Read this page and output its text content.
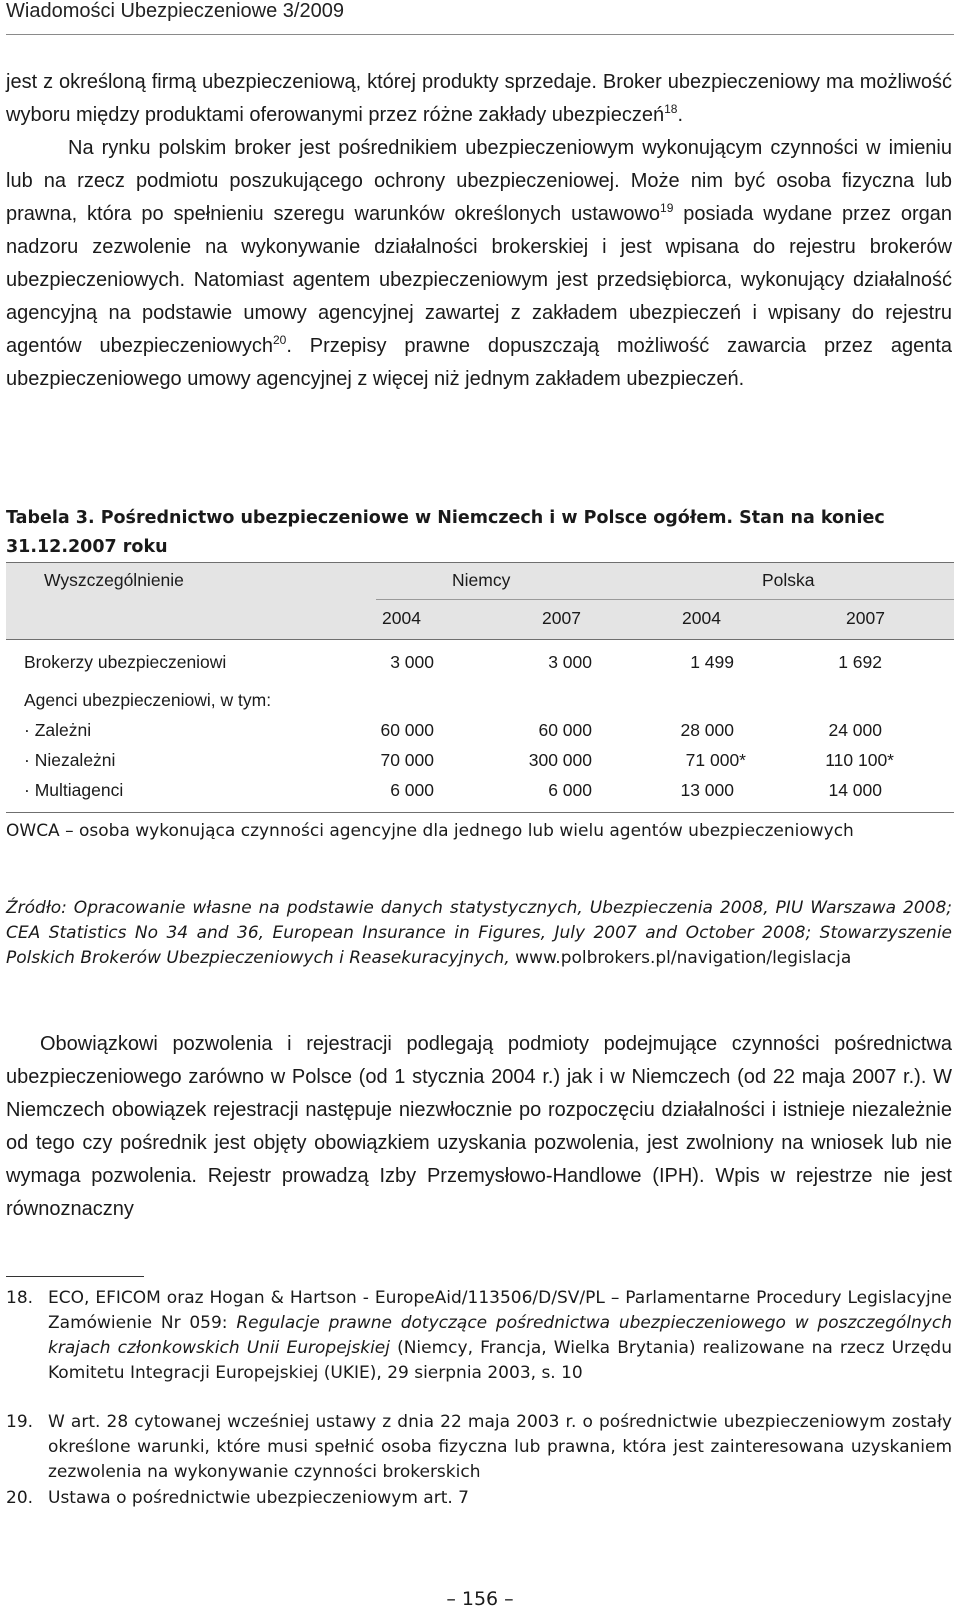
Wiadomości Ubezpieczeniowe 3/2009

jest z określoną firmą ubezpieczeniową, której produkty sprzedaje. Broker ubezpieczeniowy ma możliwość wyboru między produktami oferowanymi przez różne zakłady ubezpieczeń$^{18}$.

Na rynku polskim broker jest pośrednikiem ubezpieczeniowym wykonującym czynności w imieniu lub na rzecz podmiotu poszukującego ochrony ubezpieczeniowej. Może nim być osoba fizyczna lub prawna, która po spełnieniu szeregu warunków określonych ustawowo$^{19}$ posiada wydane przez organ nadzoru zezwolenie na wykonywanie działalności brokerskiej i jest wpisana do rejestru brokerów ubezpieczeniowych. Natomiast agentem ubezpieczeniowym jest przedsiębiorca, wykonujący działalność agencyjną na podstawie umowy agencyjnej zawartej z zakładem ubezpieczeń i wpisany do rejestru agentów ubezpieczeniowych$^{20}$. Przepisy prawne dopuszczają możliwość zawarcia przez agenta ubezpieczeniowego umowy agencyjnej z więcej niż jednym zakładem ubezpieczeń.

Tabela 3. Pośrednictwo ubezpieczeniowe w Niemczech i w Polsce ogółem. Stan na koniec 31.12.2007 roku

Wyszczególnienie	Niemcy	Polska
2004	2007	2004	2007
Brokerzy ubezpieczeniowi	3 000	3 000	1 499	1 692
Agenci ubezpieczeniowi, w tym:
· Zależni	60 000	60 000	28 000	24 000
· Niezależni	70 000	300 000	71 000*	110 100*
· Multiagenci	6 000	6 000	13 000	14 000

OWCA – osoba wykonująca czynności agencyjne dla jednego lub wielu agentów ubezpieczeniowych

Źródło: Opracowanie własne na podstawie danych statystycznych, Ubezpieczenia 2008, PIU Warszawa 2008; CEA Statistics No 34 and 36, European Insurance in Figures, July 2007 and October 2008; Stowarzyszenie Polskich Brokerów Ubezpieczeniowych i Reasekuracyjnych, www.polbrokers.pl/navigation/legislacja

Obowiązkowi pozwolenia i rejestracji podlegają podmioty podejmujące czynności pośrednictwa ubezpieczeniowego zarówno w Polsce (od 1 stycznia 2004 r.) jak i w Niemczech (od 22 maja 2007 r.). W Niemczech obowiązek rejestracji następuje niezwłocznie po rozpoczęciu działalności i istnieje niezależnie od tego czy pośrednik jest objęty obowiązkiem uzyskania pozwolenia, jest zwolniony na wniosek lub nie wymaga pozwolenia. Rejestr prowadzą Izby Przemysłowo-Handlowe (IPH). Wpis w rejestrze nie jest równoznaczny

18. ECO, EFICOM oraz Hogan & Hartson - EuropeAid/113506/D/SV/PL – Parlamentarne Procedury Legislacyjne Zamówienie Nr 059: Regulacje prawne dotyczące pośrednictwa ubezpieczeniowego w poszczególnych krajach członkowskich Unii Europejskiej (Niemcy, Francja, Wielka Brytania) realizowane na rzecz Urzędu Komitetu Integracji Europejskiej (UKIE), 29 sierpnia 2003, s. 10
19. W art. 28 cytowanej wcześniej ustawy z dnia 22 maja 2003 r. o pośrednictwie ubezpieczeniowym zostały określone warunki, które musi spełnić osoba fizyczna lub prawna, która jest zainteresowana uzyskaniem zezwolenia na wykonywanie czynności brokerskich
20. Ustawa o pośrednictwie ubezpieczeniowym art. 7
– 156 –
